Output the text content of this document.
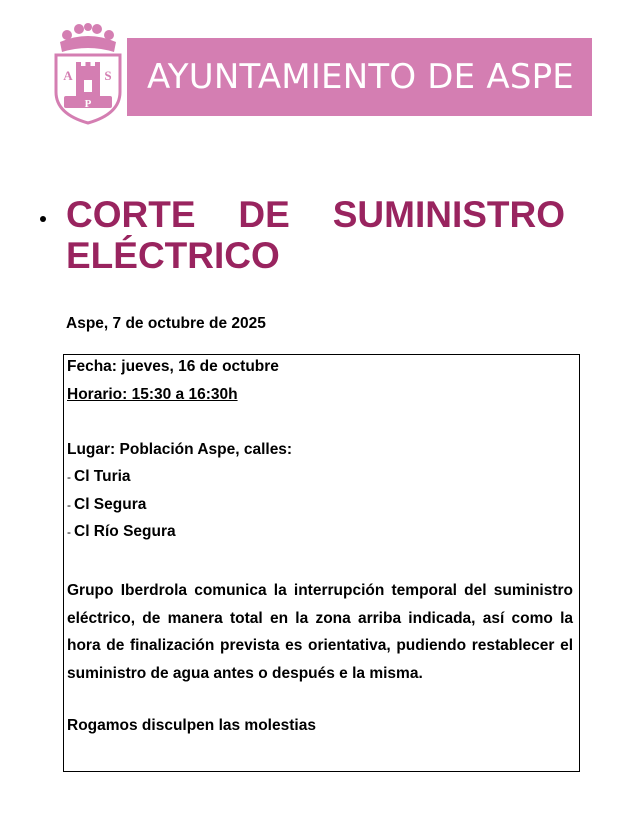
A S
P
AYUNTAMIENTO DE ASPE
CORTE DE SUMINISTRO
ELÉCTRICO
Aspe, 7 de octubre de 2025
Fecha: jueves, 16 de octubre
Horario: 15:30 a 16:30h
Lugar: Población Aspe, calles:
- Cl Turia
- Cl Segura
- Cl Río Segura
Grupo Iberdrola comunica la interrupción temporal del suministro eléctrico, de manera total en la zona arriba indicada, así como la hora de finalización prevista es orientativa, pudiendo restablecer el suministro de agua antes o después e la misma.
Rogamos disculpen las molestias
